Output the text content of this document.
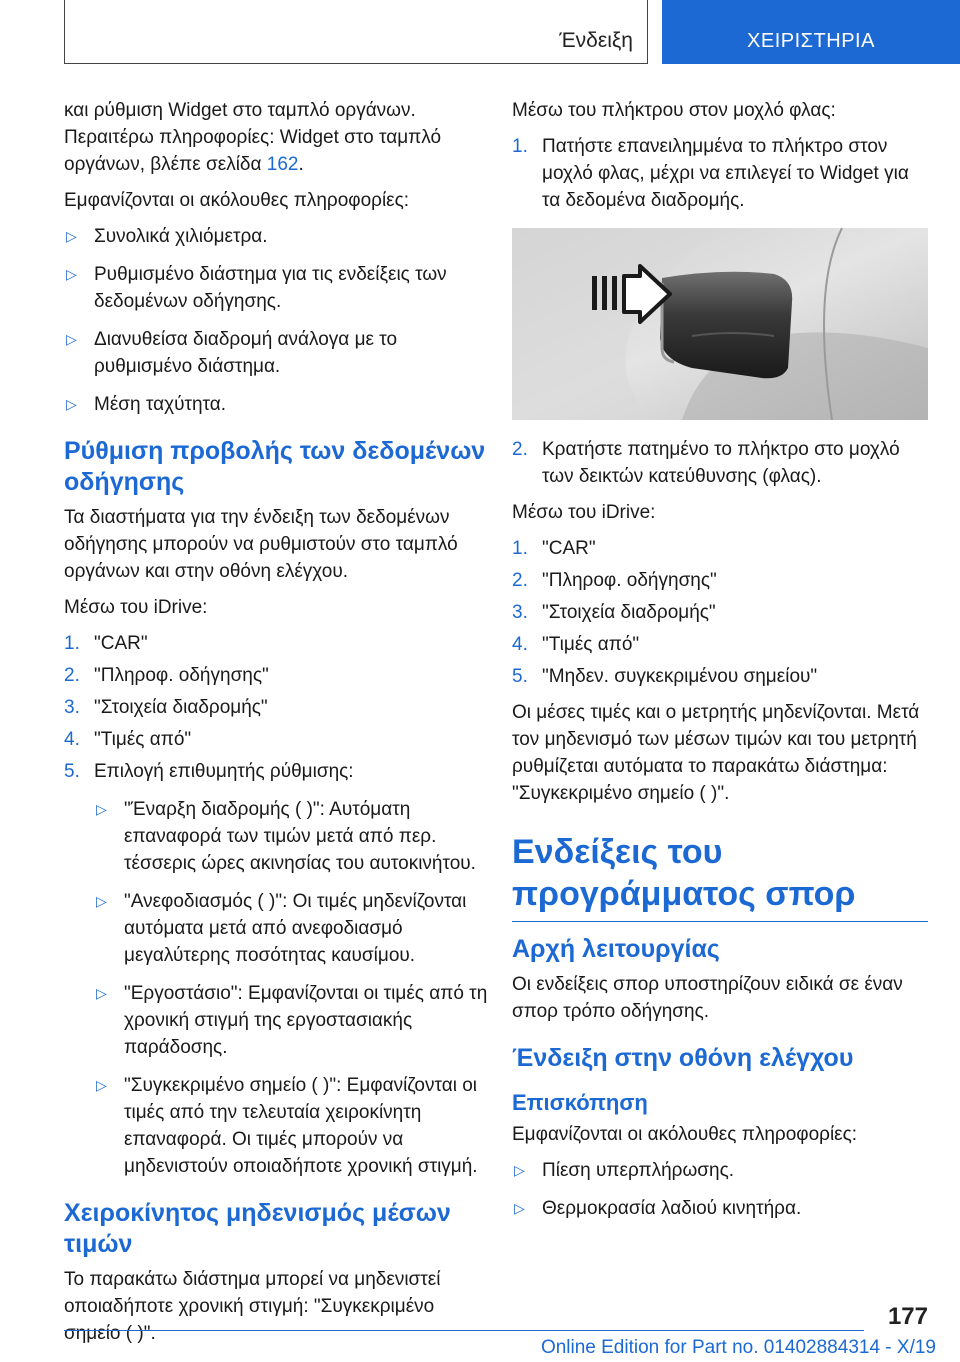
Ένδειξη	ΧΕΙΡΙΣΤΗΡΙΑ

και ρύθμιση Widget στο ταμπλό οργάνων. Περαιτέρω πληροφορίες: Widget στο ταμπλό οργάνων, βλέπε σελίδα 162.

Εμφανίζονται οι ακόλουθες πληροφορίες:

▷ Συνολικά χιλιόμετρα.
▷ Ρυθμισμένο διάστημα για τις ενδείξεις των δεδομένων οδήγησης.
▷ Διανυθείσα διαδρομή ανάλογα με το ρυθμισμένο διάστημα.
▷ Μέση ταχύτητα.
Ρύθμιση προβολής των δεδομένων οδήγησης

Τα διαστήματα για την ένδειξη των δεδομένων οδήγησης μπορούν να ρυθμιστούν στο ταμπλό οργάνων και στην οθόνη ελέγχου.

Μέσω του iDrive:

1. "CAR"
2. "Πληροφ. οδήγησης"
3. "Στοιχεία διαδρομής"
4. "Τιμές από"
5. Επιλογή επιθυμητής ρύθμισης:
▷ "Έναρξη διαδρομής ( )": Αυτόματη επαναφορά των τιμών μετά από περ. τέσσερις ώρες ακινησίας του αυτοκινήτου.
▷ "Ανεφοδιασμός ( )": Οι τιμές μηδενίζονται αυτόματα μετά από ανεφοδιασμό μεγαλύτερης ποσότητας καυσίμου.
▷ "Εργοστάσιο": Εμφανίζονται οι τιμές από τη χρονική στιγμή της εργοστασιακής παράδοσης.
▷ "Συγκεκριμένο σημείο ( )": Εμφανίζονται οι τιμές από την τελευταία χειροκίνητη επαναφορά. Οι τιμές μπορούν να μηδενιστούν οποιαδήποτε χρονική στιγμή.
Χειροκίνητος μηδενισμός μέσων τιμών

Το παρακάτω διάστημα μπορεί να μηδενιστεί οποιαδήποτε χρονική στιγμή: "Συγκεκριμένο σημείο ( )".

Μέσω του πλήκτρου στον μοχλό φλας:

1. Πατήστε επανειλημμένα το πλήκτρο στον μοχλό φλας, μέχρι να επιλεγεί το Widget για τα δεδομένα διαδρομής.
2. Κρατήστε πατημένο το πλήκτρο στο μοχλό των δεικτών κατεύθυνσης (φλας).

Μέσω του iDrive:

1. "CAR"
2. "Πληροφ. οδήγησης"
3. "Στοιχεία διαδρομής"
4. "Τιμές από"
5. "Μηδεν. συγκεκριμένου σημείου"

Οι μέσες τιμές και ο μετρητής μηδενίζονται. Μετά τον μηδενισμό των μέσων τιμών και του μετρητή ρυθμίζεται αυτόματα το παρακάτω διάστημα: "Συγκεκριμένο σημείο ( )".

Ενδείξεις του προγράμματος σπορ
Αρχή λειτουργίας

Οι ενδείξεις σπορ υποστηρίζουν ειδικά σε έναν σπορ τρόπο οδήγησης.

Ένδειξη στην οθόνη ελέγχου
Επισκόπηση

Εμφανίζονται οι ακόλουθες πληροφορίες:

▷ Πίεση υπερπλήρωσης.
▷ Θερμοκρασία λαδιού κινητήρα.
177
Online Edition for Part no. 01402884314 - X/19
